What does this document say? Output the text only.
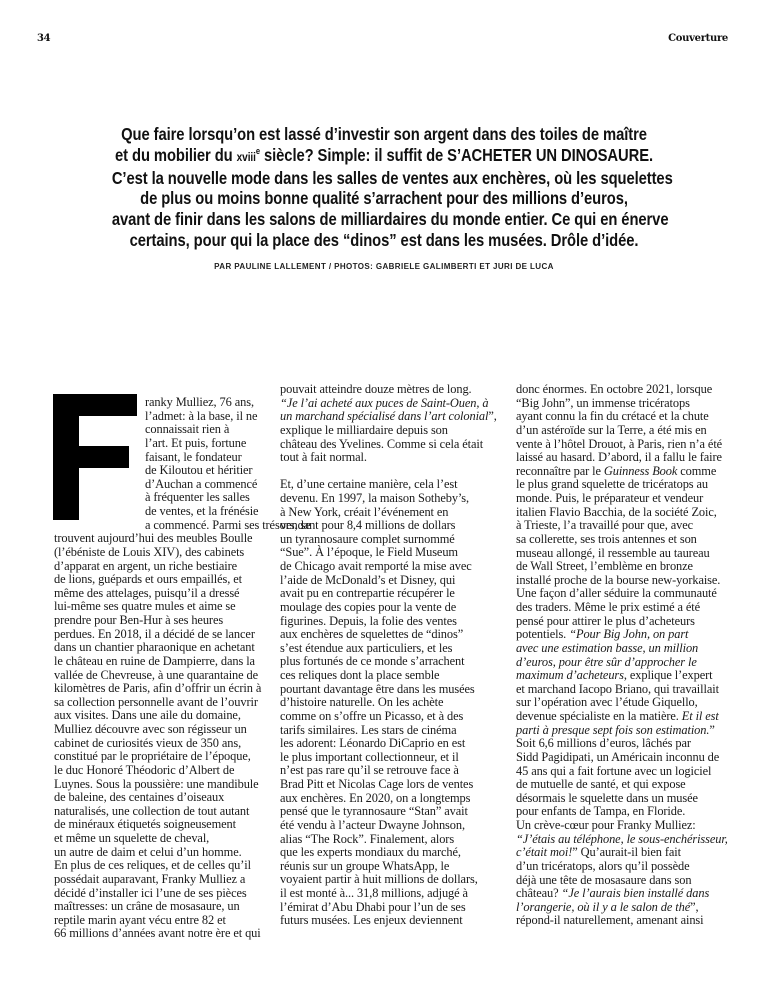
34	Couverture
Que faire lorsqu’on est lassé d’investir son argent dans des toiles de maître
et du mobilier du xviii$^e$ siècle? Simple: il suffit de S’ACHETER UN DINOSAURE.
C’est la nouvelle mode dans les salles de ventes aux enchères, où les squelettes
de plus ou moins bonne qualité s’arrachent pour des millions d’euros,
avant de finir dans les salons de milliardaires du monde entier. Ce qui en énerve
certains, pour qui la place des “dinos” est dans les musées. Drôle d’idée.
PAR PAULINE LALLEMENT / PHOTOS: GABRIELE GALIMBERTI ET JURI DE LUCA
ranky Mulliez, 76 ans,
l’admet: à la base, il ne
connaissait rien à
l’art. Et puis, fortune
faisant, le fondateur
de Kiloutou et héritier
d’Auchan a commencé
à fréquenter les salles
de ventes, et la frénésie
a commencé. Parmi ses trésors, se
trouvent aujourd’hui des meubles Boulle
(l’ébéniste de Louis XIV), des cabinets
d’apparat en argent, un riche bestiaire
de lions, guépards et ours empaillés, et
même des attelages, puisqu’il a dressé
lui-même ses quatre mules et aime se
prendre pour Ben-Hur à ses heures
perdues. En 2018, il a décidé de se lancer
dans un chantier pharaonique en achetant
le château en ruine de Dampierre, dans la
vallée de Chevreuse, à une quarantaine de
kilomètres de Paris, afin d’offrir un écrin à
sa collection personnelle avant de l’ouvrir
aux visites. Dans une aile du domaine,
Mulliez découvre avec son régisseur un
cabinet de curiosités vieux de 350 ans,
constitué par le propriétaire de l’époque,
le duc Honoré Théodoric d’Albert de
Luynes. Sous la poussière: une mandibule
de baleine, des centaines d’oiseaux
naturalisés, une collection de tout autant
de minéraux étiquetés soigneusement
et même un squelette de cheval,
un autre de daim et celui d’un homme.
En plus de ces reliques, et de celles qu’il
possédait auparavant, Franky Mulliez a
décidé d’installer ici l’une de ses pièces
maîtresses: un crâne de mosasaure, un
reptile marin ayant vécu entre 82 et
66 millions d’années avant notre ère et qui
pouvait atteindre douze mètres de long.
“Je l’ai acheté aux puces de Saint-Ouen, à
un marchand spécialisé dans l’art colonial”,
explique le milliardaire depuis son
château des Yvelines. Comme si cela était
tout à fait normal.
Et, d’une certaine manière, cela l’est
devenu. En 1997, la maison Sotheby’s,
à New York, créait l’événement en
vendant pour 8,4 millions de dollars
un tyrannosaure complet surnommé
“Sue”. À l’époque, le Field Museum
de Chicago avait remporté la mise avec
l’aide de McDonald’s et Disney, qui
avait pu en contrepartie récupérer le
moulage des copies pour la vente de
figurines. Depuis, la folie des ventes
aux enchères de squelettes de “dinos”
s’est étendue aux particuliers, et les
plus fortunés de ce monde s’arrachent
ces reliques dont la place semble
pourtant davantage être dans les musées
d’histoire naturelle. On les achète
comme on s’offre un Picasso, et à des
tarifs similaires. Les stars de cinéma
les adorent: Léonardo DiCaprio en est
le plus important collectionneur, et il
n’est pas rare qu’il se retrouve face à
Brad Pitt et Nicolas Cage lors de ventes
aux enchères. En 2020, on a longtemps
pensé que le tyrannosaure “Stan” avait
été vendu à l’acteur Dwayne Johnson,
alias “The Rock”. Finalement, alors
que les experts mondiaux du marché,
réunis sur un groupe WhatsApp, le
voyaient partir à huit millions de dollars,
il est monté à... 31,8 millions, adjugé à
l’émirat d’Abu Dhabi pour l’un de ses
futurs musées. Les enjeux deviennent
donc énormes. En octobre 2021, lorsque
“Big John”, un immense tricératops
ayant connu la fin du crétacé et la chute
d’un astéroïde sur la Terre, a été mis en
vente à l’hôtel Drouot, à Paris, rien n’a été
laissé au hasard. D’abord, il a fallu le faire
reconnaître par le Guinness Book comme
le plus grand squelette de tricératops au
monde. Puis, le préparateur et vendeur
italien Flavio Bacchia, de la société Zoic,
à Trieste, l’a travaillé pour que, avec
sa collerette, ses trois antennes et son
museau allongé, il ressemble au taureau
de Wall Street, l’emblème en bronze
installé proche de la bourse new-yorkaise.
Une façon d’aller séduire la communauté
des traders. Même le prix estimé a été
pensé pour attirer le plus d’acheteurs
potentiels. “Pour Big John, on part
avec une estimation basse, un million
d’euros, pour être sûr d’approcher le
maximum d’acheteurs, explique l’expert
et marchand Iacopo Briano, qui travaillait
sur l’opération avec l’étude Giquello,
devenue spécialiste en la matière. Et il est
parti à presque sept fois son estimation.”
Soit 6,6 millions d’euros, lâchés par
Sidd Pagidipati, un Américain inconnu de
45 ans qui a fait fortune avec un logiciel
de mutuelle de santé, et qui expose
désormais le squelette dans un musée
pour enfants de Tampa, en Floride.
Un crève-cœur pour Franky Mulliez:
“J’étais au téléphone, le sous-enchérisseur,
c’était moi!” Qu’aurait-il bien fait
d’un tricératops, alors qu’il possède
déjà une tête de mosasaure dans son
château? “Je l’aurais bien installé dans
l’orangerie, où il y a le salon de thé”,
répond-il naturellement, amenant ainsi
